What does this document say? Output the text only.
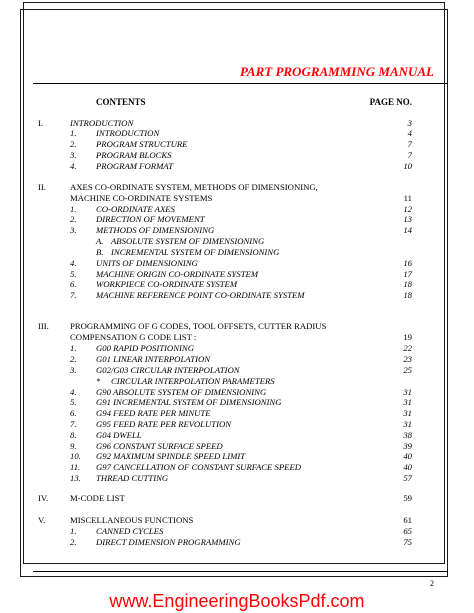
PART PROGRAMMING MANUAL
CONTENTS	PAGE NO.
I.	INTRODUCTION	3
1. INTRODUCTION	4
2. PROGRAM STRUCTURE	7
3. PROGRAM BLOCKS	7
4. PROGRAM FORMAT	10
II.	AXES CO-ORDINATE SYSTEM, METHODS OF DIMENSIONING,
MACHINE CO-ORDINATE SYSTEMS	11
1. CO-ORDINATE AXES	12
2. DIRECTION OF MOVEMENT	13
3. METHODS OF DIMENSIONING	14
A. ABSOLUTE SYSTEM OF DIMENSIONING
B. INCREMENTAL SYSTEM OF DIMENSIONING
4. UNITS OF DIMENSIONING	16
5. MACHINE ORIGIN CO-ORDINATE SYSTEM	17
6. WORKPIECE CO-ORDINATE SYSTEM	18
7. MACHINE REFERENCE POINT CO-ORDINATE SYSTEM	18
III. PROGRAMMING OF G CODES, TOOL OFFSETS, CUTTER RADIUS
COMPENSATION G CODE LIST :	19
1. G00 RAPID POSITIONING	22
2. G01 LINEAR INTERPOLATION	23
3. G02/G03 CIRCULAR INTERPOLATION	25
* CIRCULAR INTERPOLATION PARAMETERS
4. G90 ABSOLUTE SYSTEM OF DIMENSIONING	31
5. G91 INCREMENTAL SYSTEM OF DIMENSIONING	31
6. G94 FEED RATE PER MINUTE	31
7. G95 FEED RATE PER REVOLUTION	31
8. G04 DWELL	38
9. G96 CONSTANT SURFACE SPEED	39
10. G92 MAXIMUM SPINDLE SPEED LIMIT	40
11. G97 CANCELLATION OF CONSTANT SURFACE SPEED	40
13. THREAD CUTTING	57
IV.	M-CODE LIST	59
V.	MISCELLANEOUS FUNCTIONS	61
1. CANNED CYCLES	65
2. DIRECT DIMENSION PROGRAMMING	75
2
www.EngineeringBooksPdf.com
